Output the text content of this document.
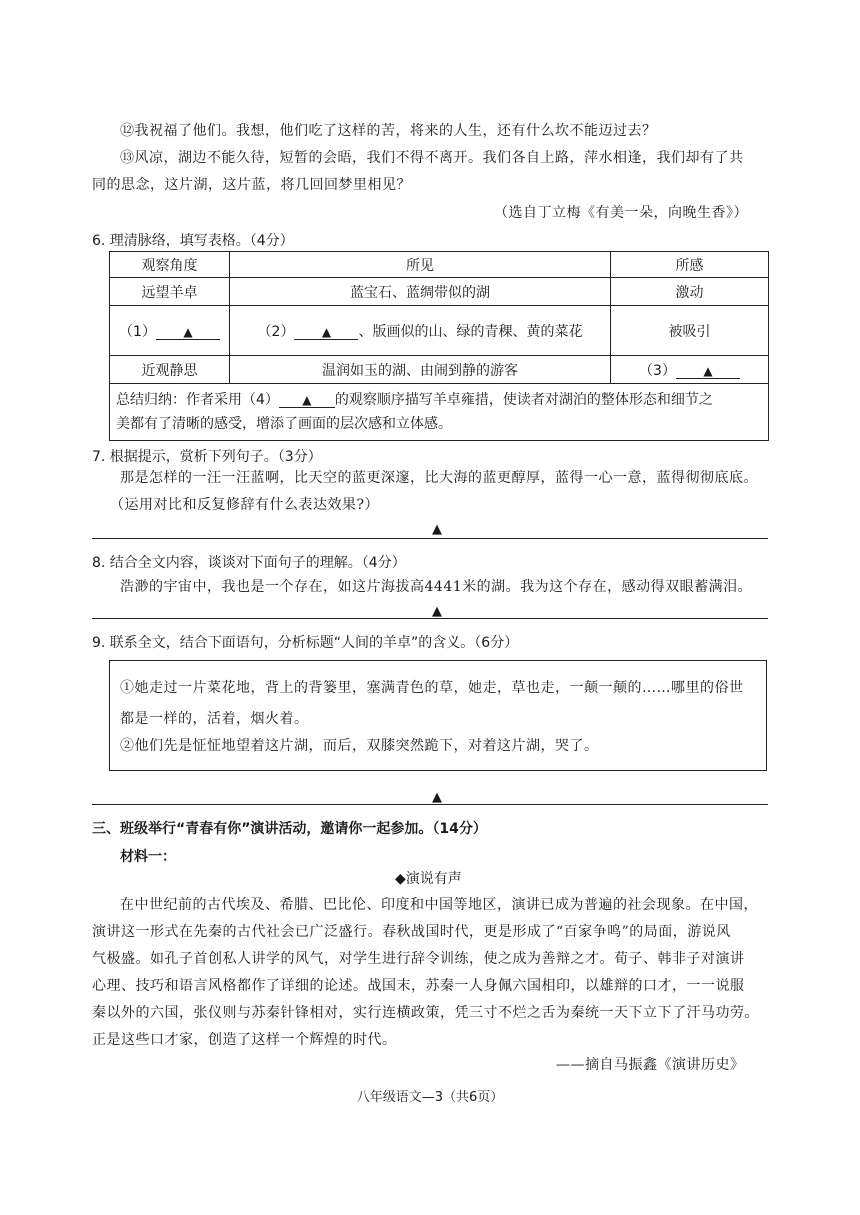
⑫我祝福了他们。我想，他们吃了这样的苦，将来的人生，还有什么坎不能迈过去？
⑬风凉，湖边不能久待，短暂的会晤，我们不得不离开。我们各自上路，萍水相逢，我们却有了共
同的思念，这片湖，这片蓝，将几回回梦里相见？
（选自丁立梅《有美一朵，向晚生香》）
6. 理清脉络，填写表格。（4分）
观察角度	所见	所感
远望羊卓	蓝宝石、蓝绸带似的湖	激动
（1） ▲	（2） ▲ 、版画似的山、绿的青稞、黄的菜花	被吸引
近观静思	温润如玉的湖、由闹到静的游客	（3） ▲
总结归纳：作者采用（4） ▲ 的观察顺序描写羊卓雍措，使读者对湖泊的整体形态和细节之
美都有了清晰的感受，增添了画面的层次感和立体感。		
7. 根据提示，赏析下列句子。（3分）
那是怎样的一汪一汪蓝啊，比天空的蓝更深邃，比大海的蓝更醇厚，蓝得一心一意，蓝得彻彻底底。
（运用对比和反复修辞有什么表达效果?）
▲
8. 结合全文内容，谈谈对下面句子的理解。（4分）
浩渺的宇宙中，我也是一个存在，如这片海拔高4441米的湖。我为这个存在，感动得双眼蓄满泪。
▲
9. 联系全文，结合下面语句，分析标题“人间的羊卓”的含义。（6分）
①她走过一片菜花地，背上的背篓里，塞满青色的草，她走，草也走，一颠一颠的……哪里的俗世
都是一样的，活着，烟火着。
②他们先是怔怔地望着这片湖，而后，双膝突然跪下，对着这片湖，哭了。
▲
三、班级举行“青春有你”演讲活动，邀请你一起参加。（14分）
材料一：
◆演说有声
在中世纪前的古代埃及、希腊、巴比伦、印度和中国等地区，演讲已成为普遍的社会现象。在中国，
演讲这一形式在先秦的古代社会已广泛盛行。春秋战国时代，更是形成了“百家争鸣”的局面，游说风
气极盛。如孔子首创私人讲学的风气，对学生进行辞令训练，使之成为善辩之才。荀子、韩非子对演讲
心理、技巧和语言风格都作了详细的论述。战国末，苏秦一人身佩六国相印，以雄辩的口才，一一说服
秦以外的六国，张仪则与苏秦针锋相对，实行连横政策，凭三寸不烂之舌为秦统一天下立下了汗马功劳。
正是这些口才家，创造了这样一个辉煌的时代。
——摘自马振鑫《演讲历史》
八年级语文—3（共6页）
